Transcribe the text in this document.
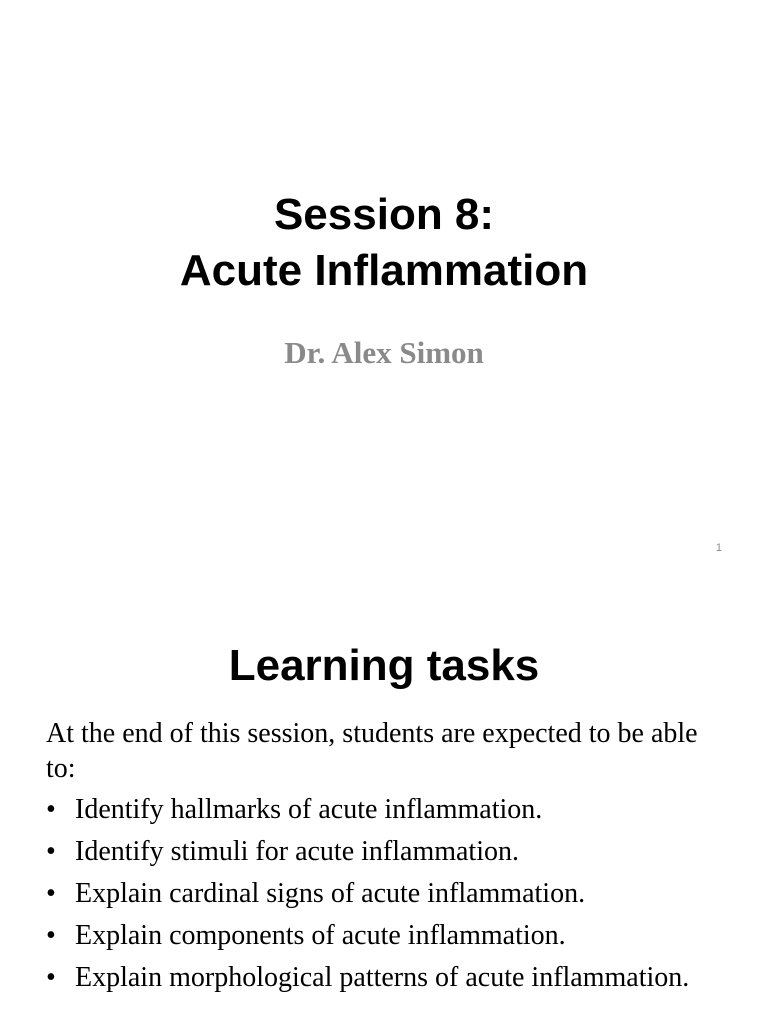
Session 8:
Acute Inflammation
Dr. Alex Simon
1
Learning tasks

At the end of this session, students are expected to be able to:

• Identify hallmarks of acute inflammation.
• Identify stimuli for acute inflammation.
• Explain cardinal signs of acute inflammation.
• Explain components of acute inflammation.
• Explain morphological patterns of acute inflammation.
